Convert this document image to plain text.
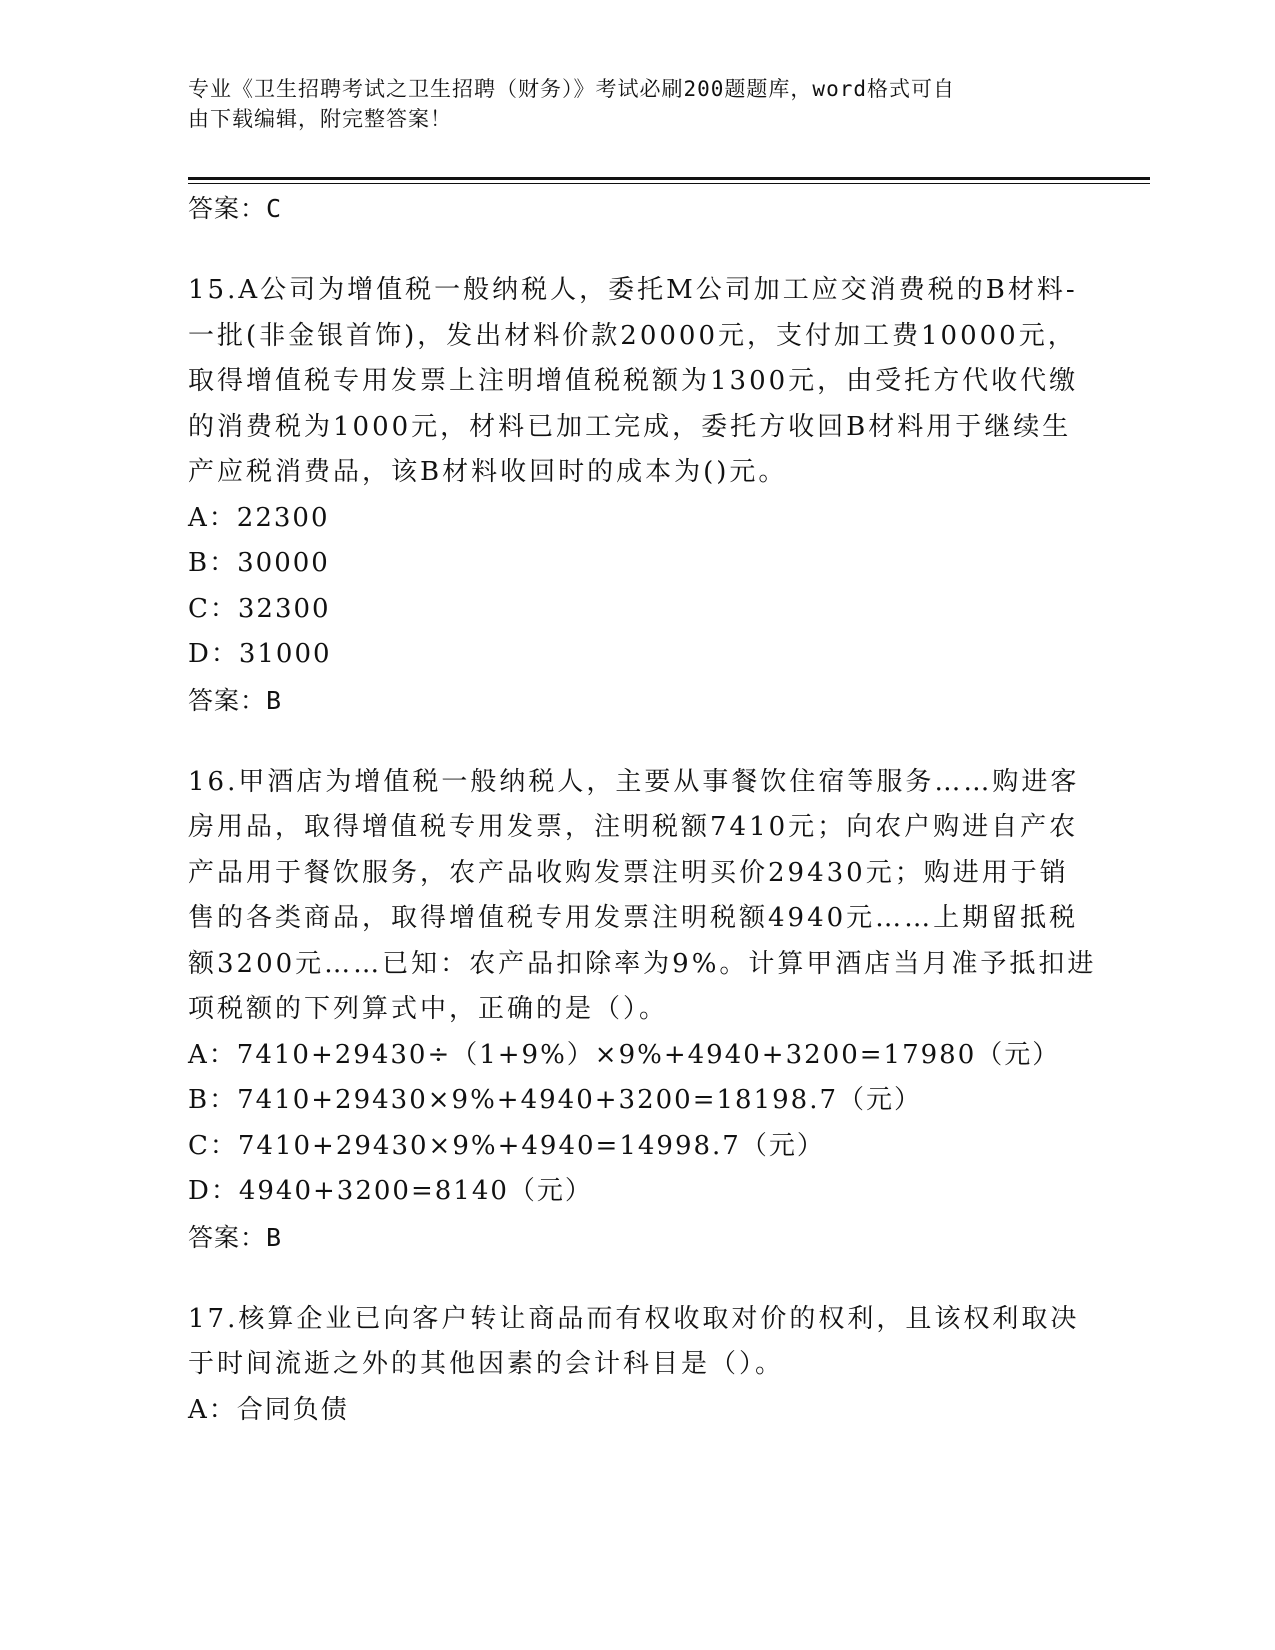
专业《卫生招聘考试之卫生招聘（财务）》考试必刷200题题库，word格式可自
由下载编辑，附完整答案！
答案：C
15.A公司为增值税一般纳税人，委托M公司加工应交消费税的B材料-
一批(非金银首饰)，发出材料价款20000元，支付加工费10000元，
取得增值税专用发票上注明增值税税额为1300元，由受托方代收代缴
的消费税为1000元，材料已加工完成，委托方收回B材料用于继续生
产应税消费品，该B材料收回时的成本为()元。
A：22300
B：30000
C：32300
D：31000
答案：B
16.甲酒店为增值税一般纳税人，主要从事餐饮住宿等服务……购进客
房用品，取得增值税专用发票，注明税额7410元；向农户购进自产农
产品用于餐饮服务，农产品收购发票注明买价29430元；购进用于销
售的各类商品，取得增值税专用发票注明税额4940元……上期留抵税
额3200元……已知：农产品扣除率为9%。计算甲酒店当月准予抵扣进
项税额的下列算式中，正确的是（）。
A：7410+29430÷（1+9%）×9%+4940+3200=17980（元）
B：7410+29430×9%+4940+3200=18198.7（元）
C：7410+29430×9%+4940=14998.7（元）
D：4940+3200=8140（元）
答案：B
17.核算企业已向客户转让商品而有权收取对价的权利，且该权利取决
于时间流逝之外的其他因素的会计科目是（）。
A：合同负债
